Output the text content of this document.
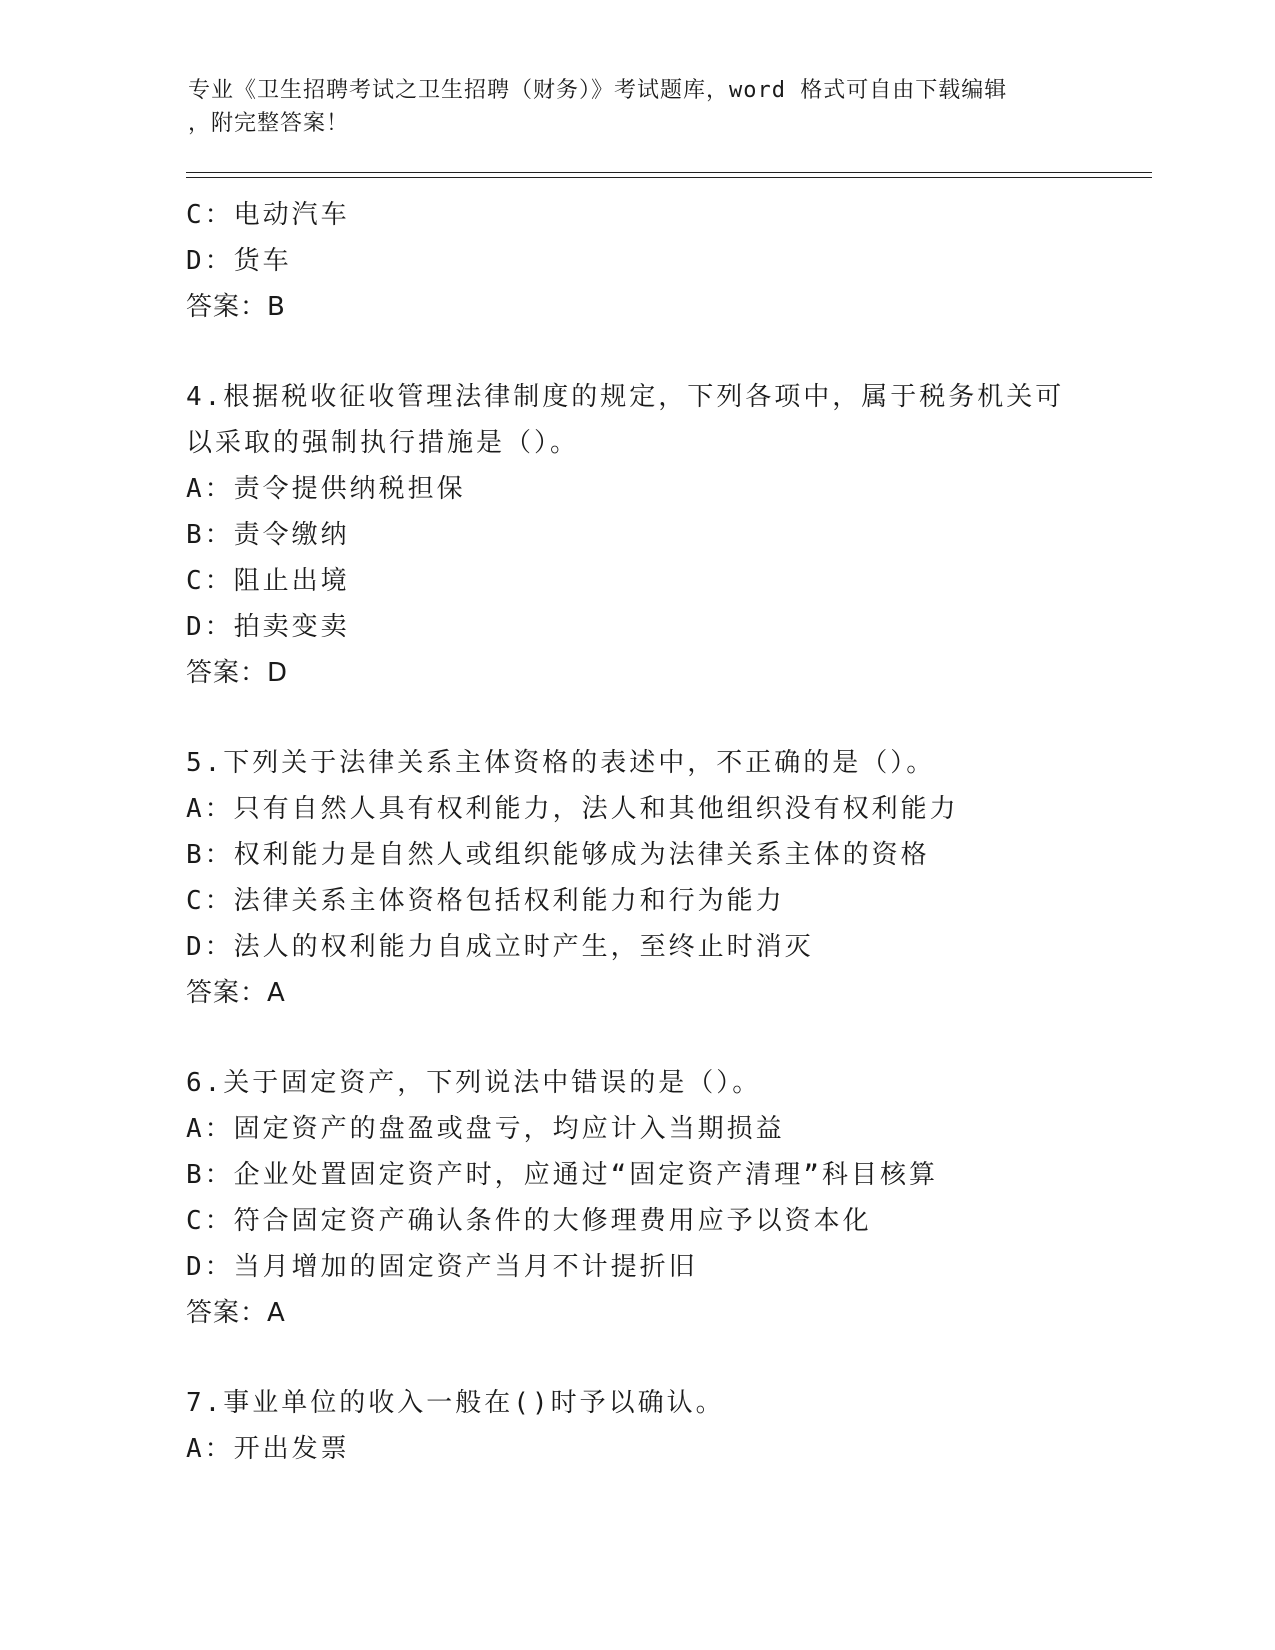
专业《卫生招聘考试之卫生招聘（财务）》考试题库，word 格式可自由下载编辑
，附完整答案！
C：电动汽车
D：货车
答案：B
4.根据税收征收管理法律制度的规定，下列各项中，属于税务机关可
以采取的强制执行措施是（）。
A：责令提供纳税担保
B：责令缴纳
C：阻止出境
D：拍卖变卖
答案：D
5.下列关于法律关系主体资格的表述中，不正确的是（）。
A：只有自然人具有权利能力，法人和其他组织没有权利能力
B：权利能力是自然人或组织能够成为法律关系主体的资格
C：法律关系主体资格包括权利能力和行为能力
D：法人的权利能力自成立时产生，至终止时消灭
答案：A
6.关于固定资产，下列说法中错误的是（）。
A：固定资产的盘盈或盘亏，均应计入当期损益
B：企业处置固定资产时，应通过“固定资产清理”科目核算
C：符合固定资产确认条件的大修理费用应予以资本化
D：当月增加的固定资产当月不计提折旧
答案：A
7.事业单位的收入一般在()时予以确认。
A：开出发票
